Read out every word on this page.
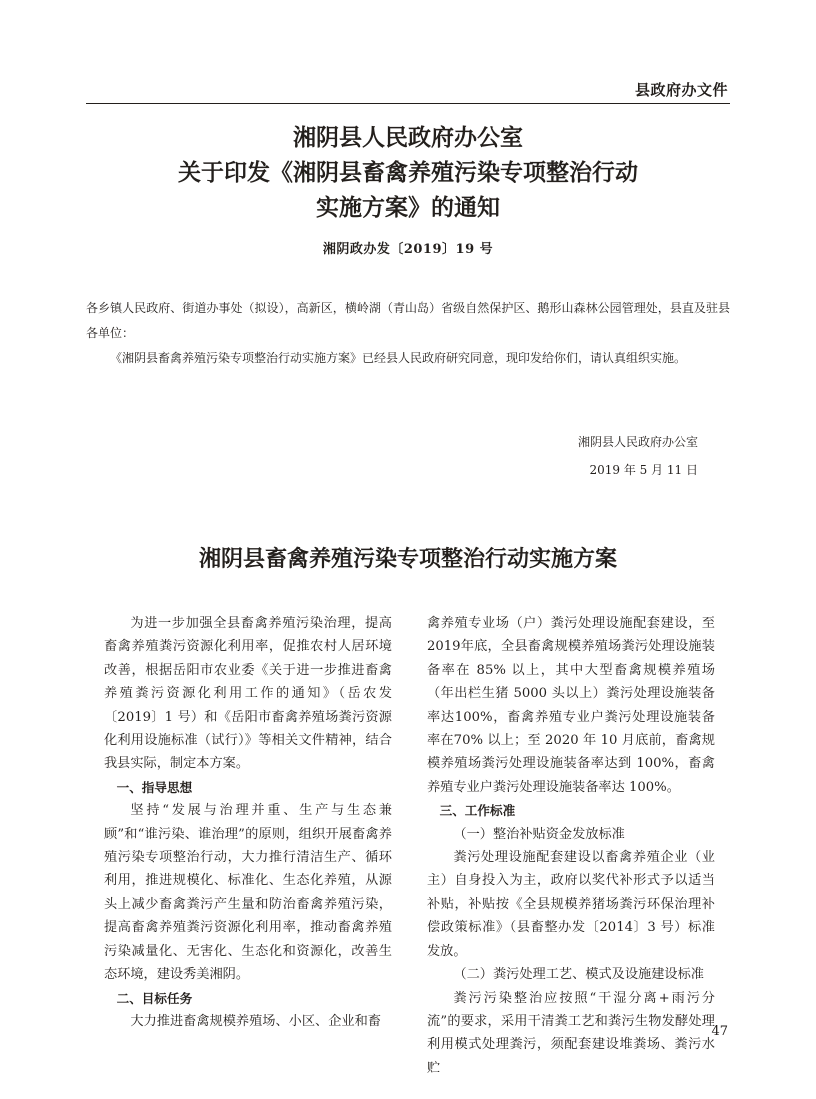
县政府办文件
湘阴县人民政府办公室
关于印发《湘阴县畜禽养殖污染专项整治行动
实施方案》的通知
湘阴政办发〔2019〕19 号

各乡镇人民政府、街道办事处（拟设），高新区，横岭湖（青山岛）省级自然保护区、鹅形山森林公园管理处，县直及驻县各单位：

《湘阴县畜禽养殖污染专项整治行动实施方案》已经县人民政府研究同意，现印发给你们，请认真组织实施。

湘阴县人民政府办公室
2019 年 5 月 11 日
湘阴县畜禽养殖污染专项整治行动实施方案

为进一步加强全县畜禽养殖污染治理，提高畜禽养殖粪污资源化利用率，促推农村人居环境改善，根据岳阳市农业委《关于进一步推进畜禽养殖粪污资源化利用工作的通知》（岳农发〔2019〕1 号）和《岳阳市畜禽养殖场粪污资源化利用设施标准（试行）》等相关文件精神，结合我县实际，制定本方案。

一、指导思想

坚持“发展与治理并重、生产与生态兼顾”和“谁污染、谁治理”的原则，组织开展畜禽养殖污染专项整治行动，大力推行清洁生产、循环利用，推进规模化、标准化、生态化养殖，从源头上减少畜禽粪污产生量和防治畜禽养殖污染，提高畜禽养殖粪污资源化利用率，推动畜禽养殖污染减量化、无害化、生态化和资源化，改善生态环境，建设秀美湘阴。

二、目标任务

大力推进畜禽规模养殖场、小区、企业和畜

禽养殖专业场（户）粪污处理设施配套建设，至2019年底，全县畜禽规模养殖场粪污处理设施装备率在 85% 以上，其中大型畜禽规模养殖场（年出栏生猪 5000 头以上）粪污处理设施装备率达100%，畜禽养殖专业户粪污处理设施装备率在70% 以上；至 2020 年 10 月底前，畜禽规模养殖场粪污处理设施装备率达到 100%，畜禽养殖专业户粪污处理设施装备率达 100%。

三、工作标准

（一）整治补贴资金发放标准

粪污处理设施配套建设以畜禽养殖企业（业主）自身投入为主，政府以奖代补形式予以适当补贴，补贴按《全县规模养猪场粪污环保治理补偿政策标准》（县畜整办发〔2014〕3 号）标准发放。

（二）粪污处理工艺、模式及设施建设标准

粪污污染整治应按照“干湿分离+雨污分流”的要求，采用干清粪工艺和粪污生物发酵处理利用模式处理粪污，须配套建设堆粪场、粪污水贮

47
